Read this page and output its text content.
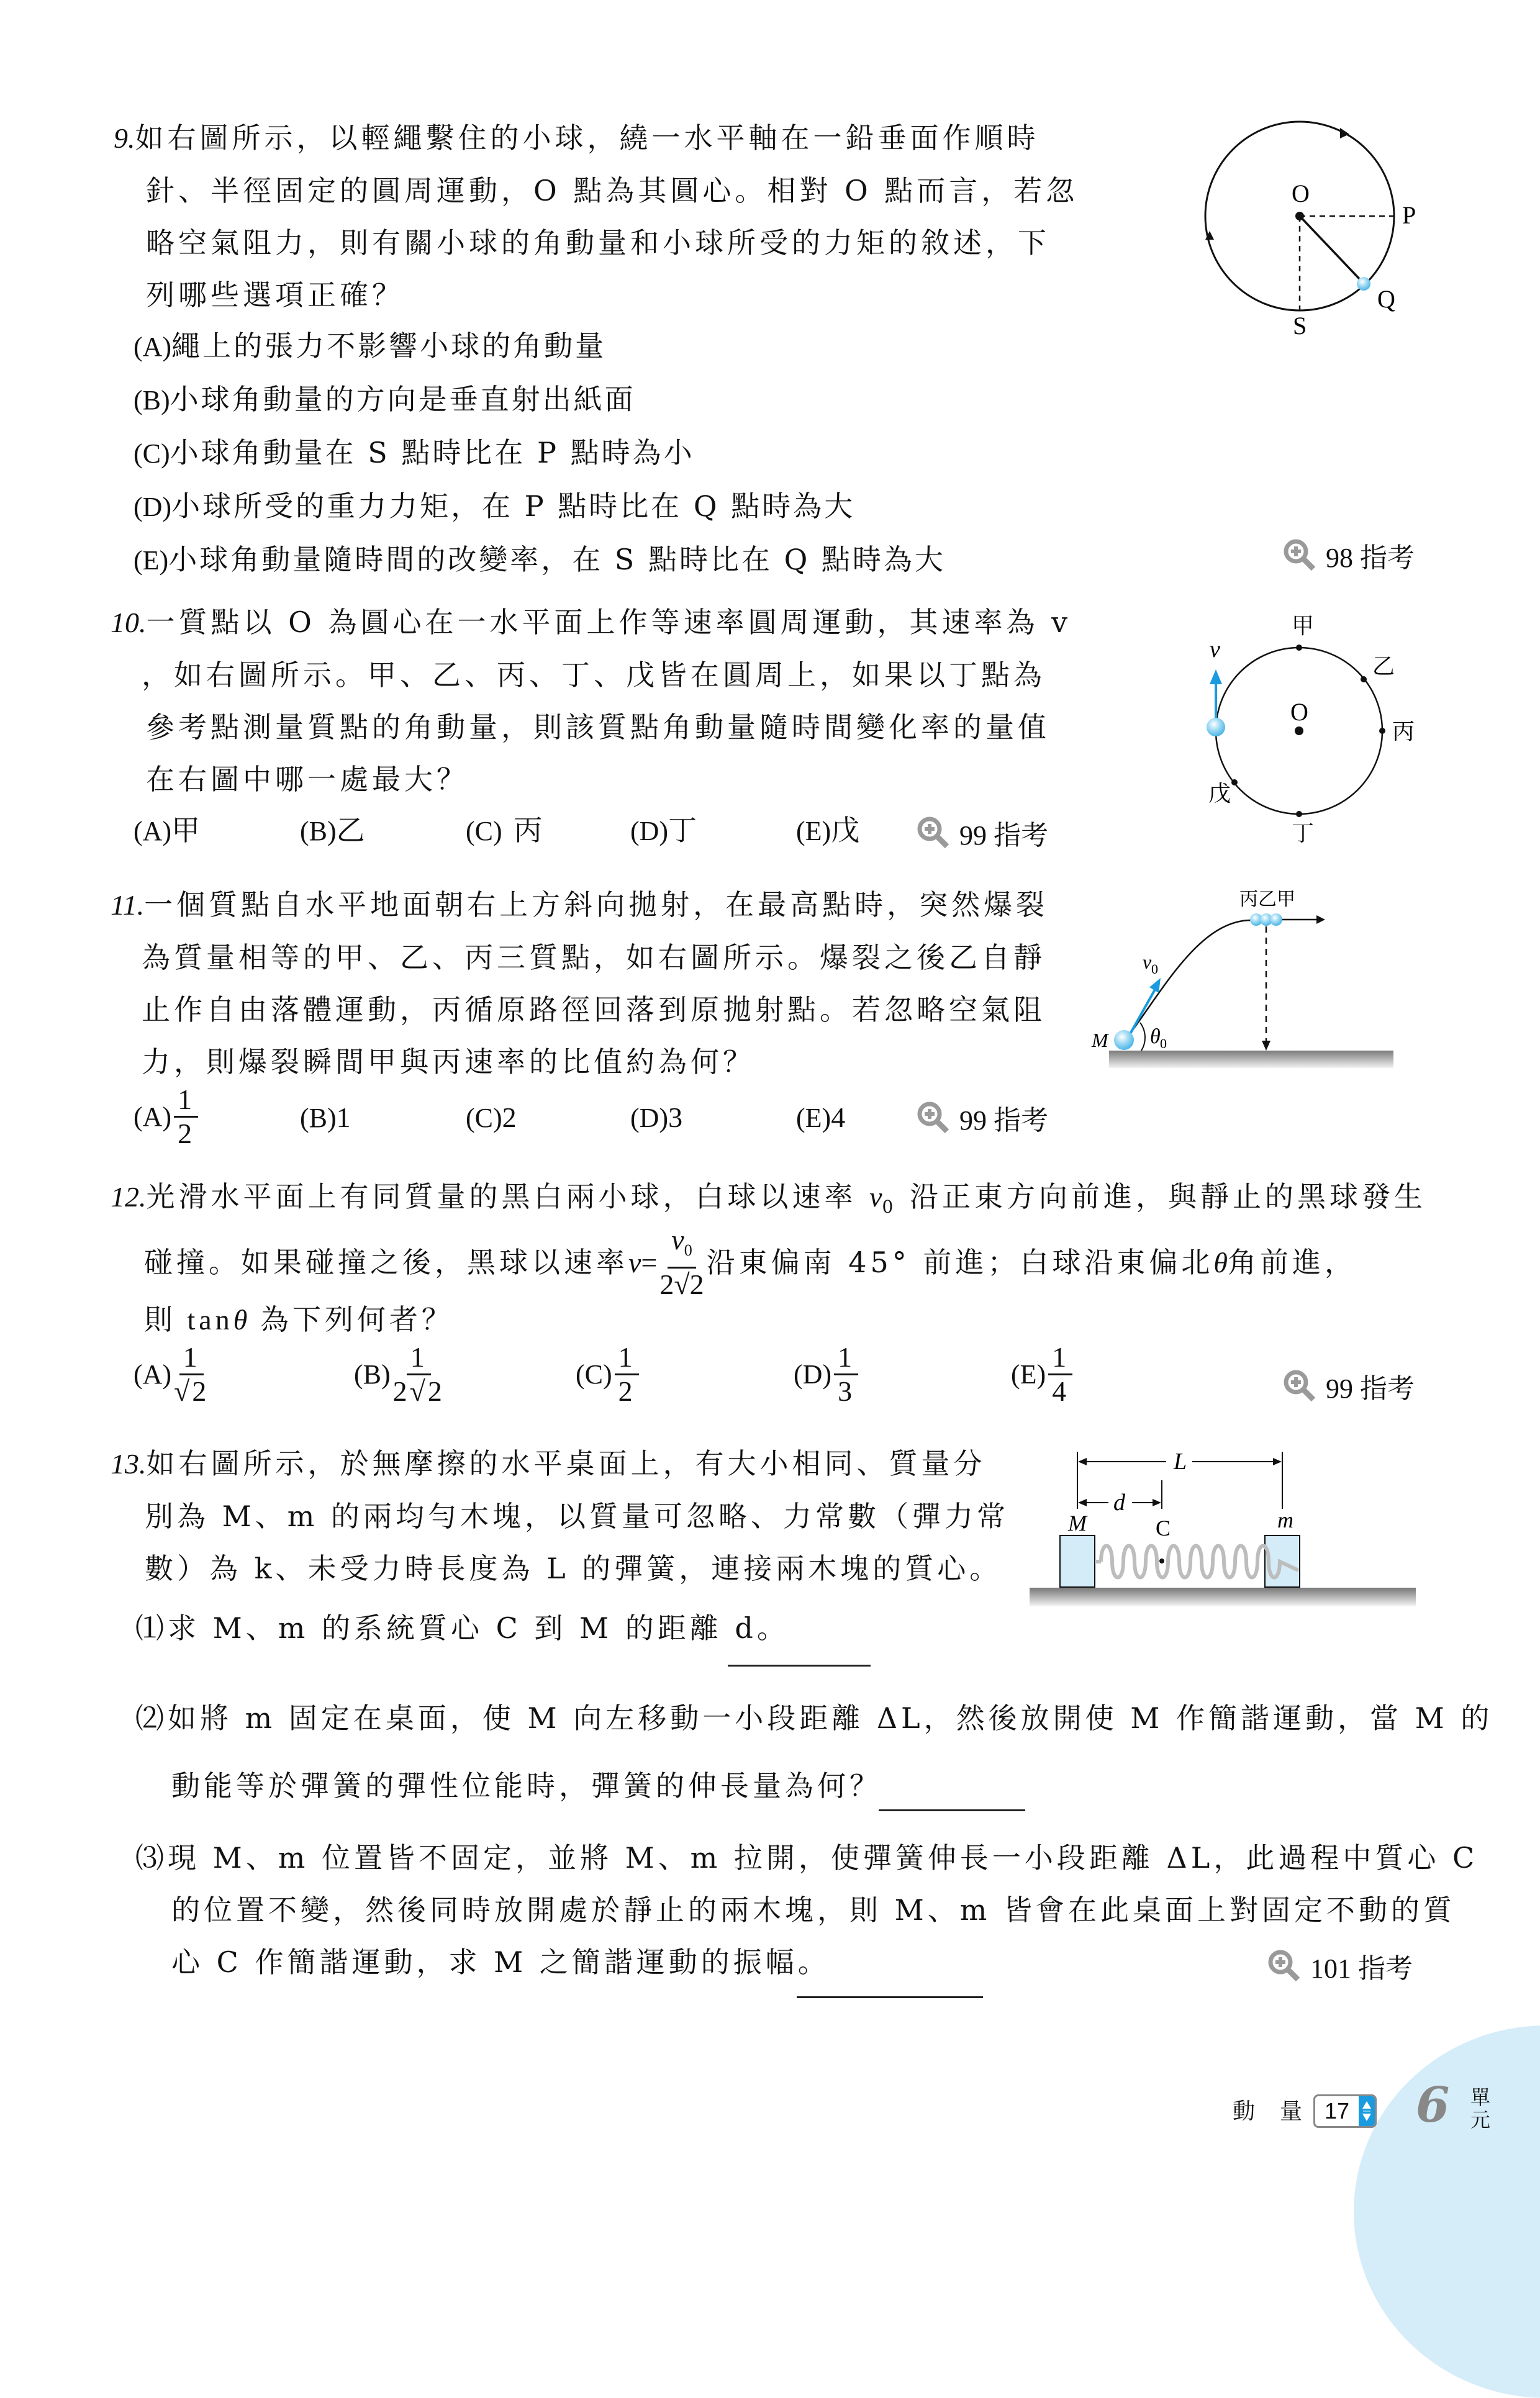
9.如右圖所示，以輕繩繫住的小球，繞一水平軸在一鉛垂面作順時
針、半徑固定的圓周運動，O 點為其圓心。相對 O 點而言，若忽
略空氣阻力，則有關小球的角動量和小球所受的力矩的敘述，下
列哪些選項正確？
(A)繩上的張力不影響小球的角動量
(B)小球角動量的方向是垂直射出紙面
(C)小球角動量在 S 點時比在 P 點時為小
(D)小球所受的重力力矩，在 P 點時比在 Q 點時為大
(E)小球角動量隨時間的改變率，在 S 點時比在 Q 點時為大	98 指考
O
P
Q
S
10.一質點以 O 為圓心在一水平面上作等速率圓周運動，其速率為 v
，如右圖所示。甲、乙、丙、丁、戊皆在圓周上，如果以丁點為
參考點測量質點的角動量，則該質點角動量隨時間變化率的量值
在右圖中哪一處最大？
(A)甲	(B)乙	(C) 丙	(D)丁	(E)戊	99 指考
v
O
甲
乙
丙
丁
戊
11.一個質點自水平地面朝右上方斜向拋射，在最高點時，突然爆裂
為質量相等的甲、乙、丙三質點，如右圖所示。爆裂之後乙自靜
止作自由落體運動，丙循原路徑回落到原拋射點。若忽略空氣阻
力，則爆裂瞬間甲與丙速率的比值約為何？
$(A) \frac{1}{2}$	(B)1	(C)2	(D)3	(E)4	99 指考
丙乙甲
v 0
M θ 0
12.光滑水平面上有同質量的黑白兩小球，白球以速率 $v_0$ 沿正東方向前進，與靜止的黑球發生
碰撞。如果碰撞之後，黑球以速率 $v = \frac{v_0}{2√2}$ 沿東偏南 45° 前進；白球沿東偏北 θ 角前進，
則 tanθ 為下列何者？
$(A) \frac{1}{√2}$	$(B) \frac{1}{2√2}$	$(C) \frac{1}{2}$	$(D) \frac{1}{3}$	$(E) \frac{1}{4}$	99 指考
13.如右圖所示，於無摩擦的水平桌面上，有大小相同、質量分
別為 M、m 的兩均勻木塊，以質量可忽略、力常數（彈力常
數）為 k、未受力時長度為 L 的彈簧，連接兩木塊的質心。
⑴求 M、m 的系統質心 C 到 M 的距離 d。
⑵如將 m 固定在桌面，使 M 向左移動一小段距離 ΔL，然後放開使 M 作簡諧運動，當 M 的
動能等於彈簧的彈性位能時，彈簧的伸長量為何？
⑶現 M、m 位置皆不固定，並將 M、m 拉開，使彈簧伸長一小段距離 ΔL，此過程中質心 C
的位置不變，然後同時放開處於靜止的兩木塊，則 M、m 皆會在此桌面上對固定不動的質
心 C 作簡諧運動，求 M 之簡諧運動的振幅。	101 指考
L
d
M	m
C
動 量 17 6 單
元
